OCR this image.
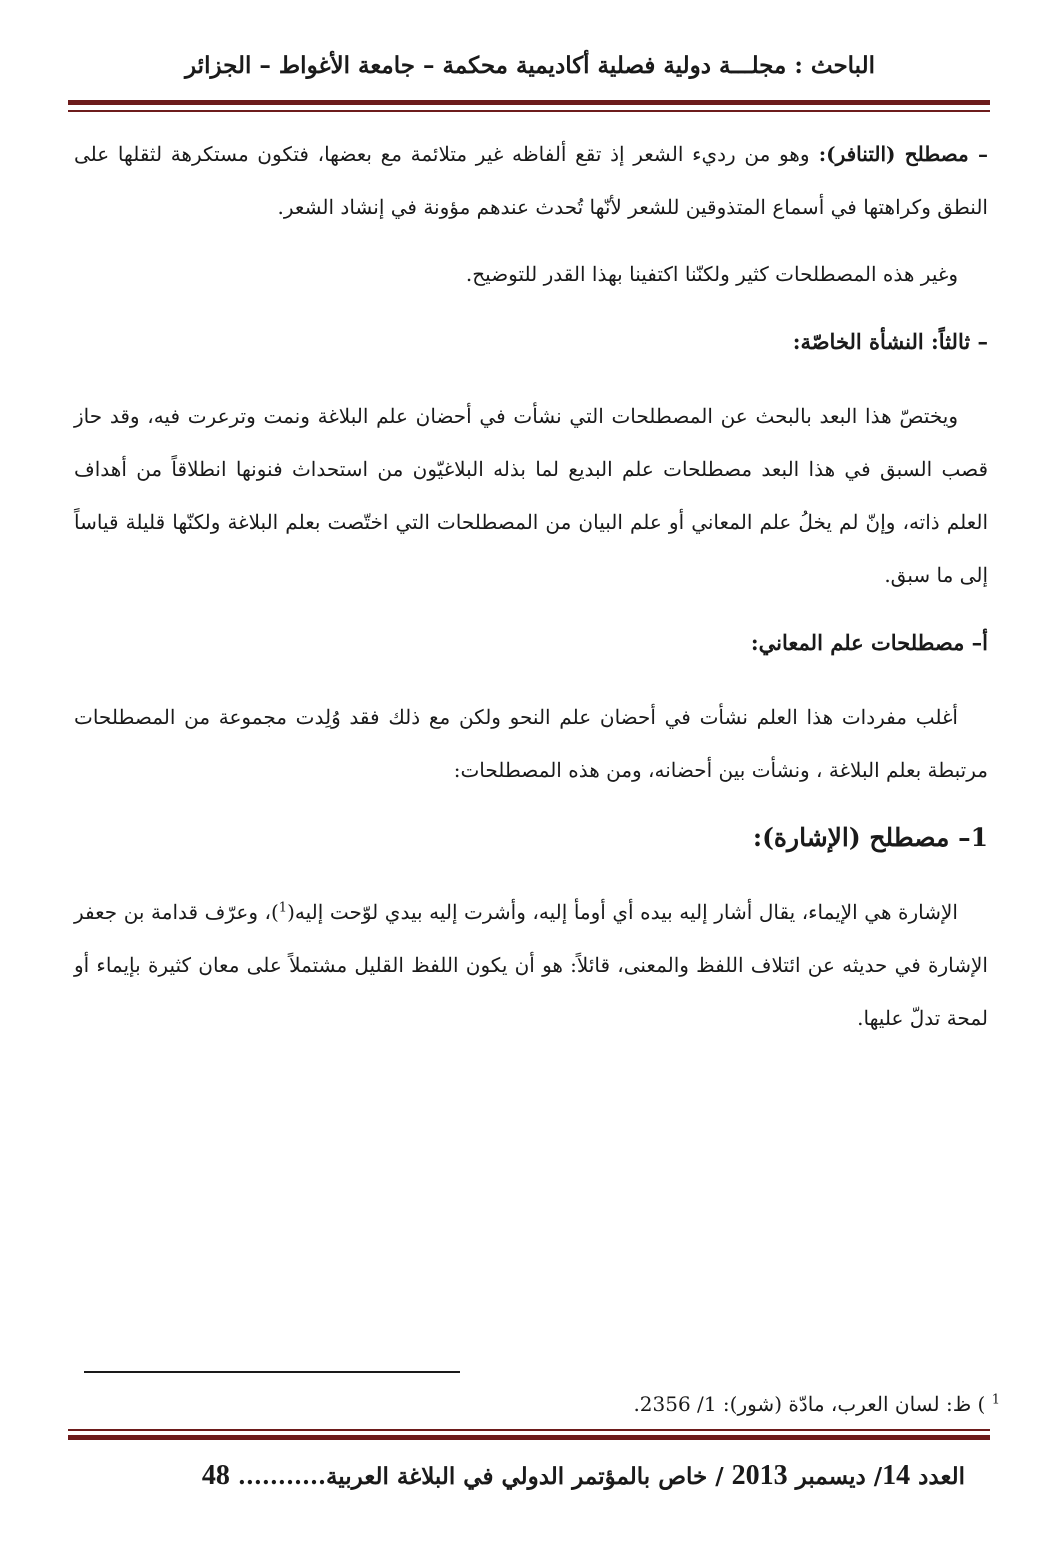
الباحث : مجلـــة دولية فصلية أكاديمية محكمة – جامعة الأغواط – الجزائر

– مصطلح (التنافر): وهو من رديء الشعر إذ تقع ألفاظه غير متلائمة مع بعضها، فتكون مستكرهة لثقلها على النطق وكراهتها في أسماع المتذوقين للشعر لأنّها تُحدث عندهم مؤونة في إنشاد الشعر.

وغير هذه المصطلحات كثير ولكنّنا اكتفينا بهذا القدر للتوضيح.

– ثالثاً: النشأة الخاصّة:

ويختصّ هذا البعد بالبحث عن المصطلحات التي نشأت في أحضان علم البلاغة ونمت وترعرت فيه، وقد حاز قصب السبق في هذا البعد مصطلحات علم البديع لما بذله البلاغيّون من استحداث فنونها انطلاقاً من أهداف العلم ذاته، وإنّ لم يخلُ علم المعاني أو علم البيان من المصطلحات التي اختّصت بعلم البلاغة ولكنّها قليلة قياساً إلى ما سبق.

أ– مصطلحات علم المعاني:

أغلب مفردات هذا العلم نشأت في أحضان علم النحو ولكن مع ذلك فقد وُلِدت مجموعة من المصطلحات مرتبطة بعلم البلاغة ، ونشأت بين أحضانه، ومن هذه المصطلحات:

1– مصطلح (الإشارة):

الإشارة هي الإيماء، يقال أشار إليه بيده أي أومأ إليه، وأشرت إليه بيدي لوّحت إليه($^1$)، وعرّف قدامة بن جعفر الإشارة في حديثه عن ائتلاف اللفظ والمعنى، قائلاً: هو أن يكون اللفظ القليل مشتملاً على معان كثيرة بإيماء أو لمحة تدلّ عليها.

$^1$ ) ظ: لسان العرب، مادّة (شور): 1/ 2356.
العدد 14/ ديسمبر 2013 / خاص بالمؤتمر الدولي في البلاغة العربية........... 48
